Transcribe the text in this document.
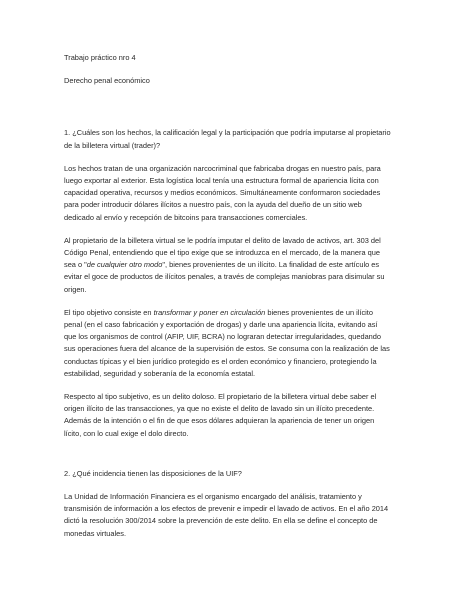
Trabajo práctico nro 4

Derecho penal económico

1. ¿Cuáles son los hechos, la calificación legal y la participación que podría imputarse al propietario

de la billetera virtual (trader)?

Los hechos tratan de una organización narcocriminal que fabricaba drogas en nuestro país, para

luego exportar al exterior. Esta logística local tenía una estructura formal de apariencia lícita con

capacidad operativa, recursos y medios económicos. Simultáneamente conformaron sociedades

para poder introducir dólares ilícitos a nuestro país, con la ayuda del dueño de un sitio web

dedicado al envío y recepción de bitcoins para transacciones comerciales.

Al propietario de la billetera virtual se le podría imputar el delito de lavado de activos, art. 303 del

Código Penal, entendiendo que el tipo exige que se introduzca en el mercado, de la manera que

sea o "de cualquier otro modo", bienes provenientes de un ilícito. La finalidad de este artículo es

evitar el goce de productos de ilícitos penales, a través de complejas maniobras para disimular su

origen.

El tipo objetivo consiste en transformar y poner en circulación bienes provenientes de un ilícito

penal (en el caso fabricación y exportación de drogas) y darle una apariencia lícita, evitando así

que los organismos de control (AFIP, UIF, BCRA) no lograran detectar irregularidades, quedando

sus operaciones fuera del alcance de la supervisión de estos. Se consuma con la realización de las

conductas típicas y el bien jurídico protegido es el orden económico y financiero, protegiendo la

estabilidad, seguridad y soberanía de la economía estatal.

Respecto al tipo subjetivo, es un delito doloso. El propietario de la billetera virtual debe saber el

origen ilícito de las transacciones, ya que no existe el delito de lavado sin un ilícito precedente.

Además de la intención o el fin de que esos dólares adquieran la apariencia de tener un origen

lícito, con lo cual exige el dolo directo.

2. ¿Qué incidencia tienen las disposiciones de la UIF?

La Unidad de Información Financiera es el organismo encargado del análisis, tratamiento y

transmisión de información a los efectos de prevenir e impedir el lavado de activos. En el año 2014

dictó la resolución 300/2014 sobre la prevención de este delito. En ella se define el concepto de

monedas virtuales.
